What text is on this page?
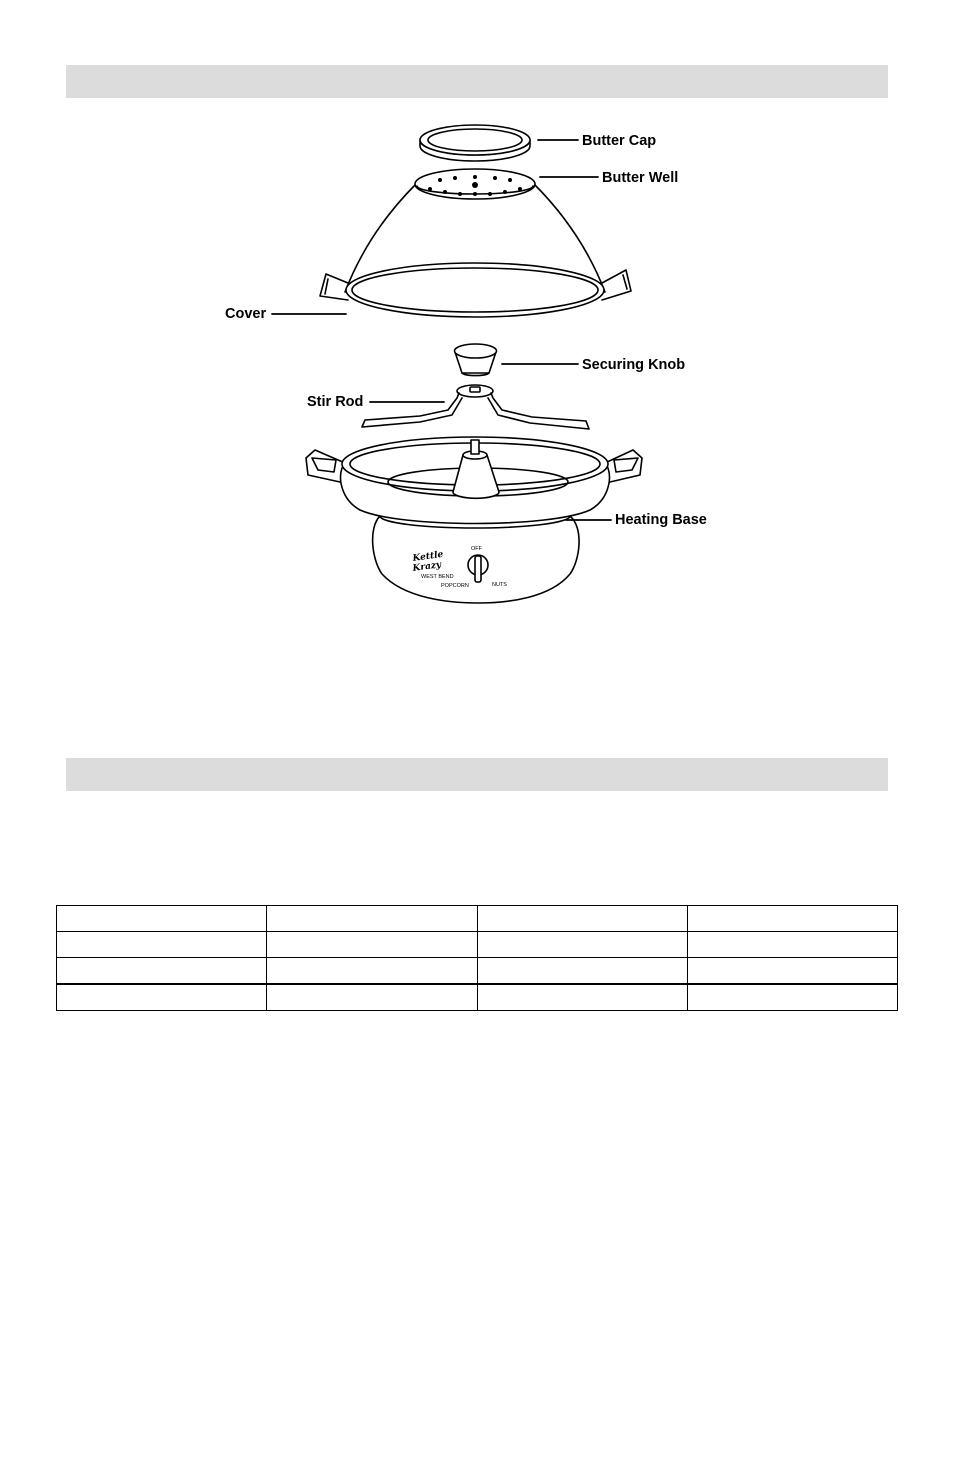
Kettle
Krazy
WEST BEND
OFF
POPCORN	NUTS
Butter Cap
Butter Well
Cover
Securing Knob
Stir Rod
Heating Base
